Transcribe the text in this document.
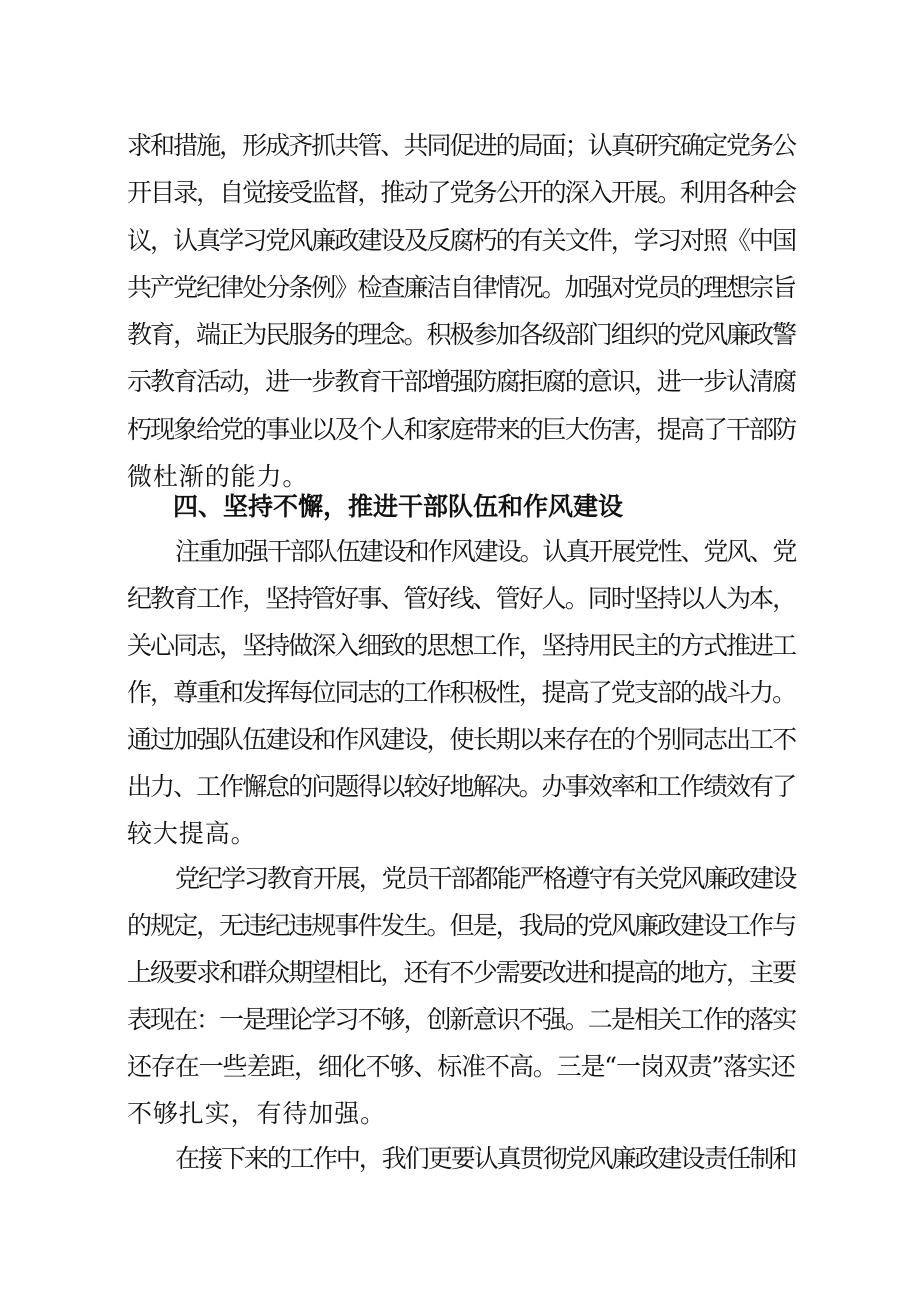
求和措施，形成齐抓共管、共同促进的局面；认真研究确定党务公
开目录，自觉接受监督，推动了党务公开的深入开展。利用各种会
议，认真学习党风廉政建设及反腐朽的有关文件，学习对照《中国
共产党纪律处分条例》检查廉洁自律情况。加强对党员的理想宗旨
教育，端正为民服务的理念。积极参加各级部门组织的党风廉政警
示教育活动，进一步教育干部增强防腐拒腐的意识，进一步认清腐
朽现象给党的事业以及个人和家庭带来的巨大伤害，提高了干部防
微杜渐的能力。
四、坚持不懈，推进干部队伍和作风建设
注重加强干部队伍建设和作风建设。认真开展党性、党风、党
纪教育工作，坚持管好事、管好线、管好人。同时坚持以人为本，
关心同志，坚持做深入细致的思想工作，坚持用民主的方式推进工
作，尊重和发挥每位同志的工作积极性，提高了党支部的战斗力。
通过加强队伍建设和作风建设，使长期以来存在的个别同志出工不
出力、工作懈怠的问题得以较好地解决。办事效率和工作绩效有了
较大提高。
党纪学习教育开展，党员干部都能严格遵守有关党风廉政建设
的规定，无违纪违规事件发生。但是，我局的党风廉政建设工作与
上级要求和群众期望相比，还有不少需要改进和提高的地方，主要
表现在：一是理论学习不够，创新意识不强。二是相关工作的落实
还存在一些差距，细化不够、标准不高。三是“一岗双责”落实还
不够扎实，有待加强。
在接下来的工作中，我们更要认真贯彻党风廉政建设责任制和
